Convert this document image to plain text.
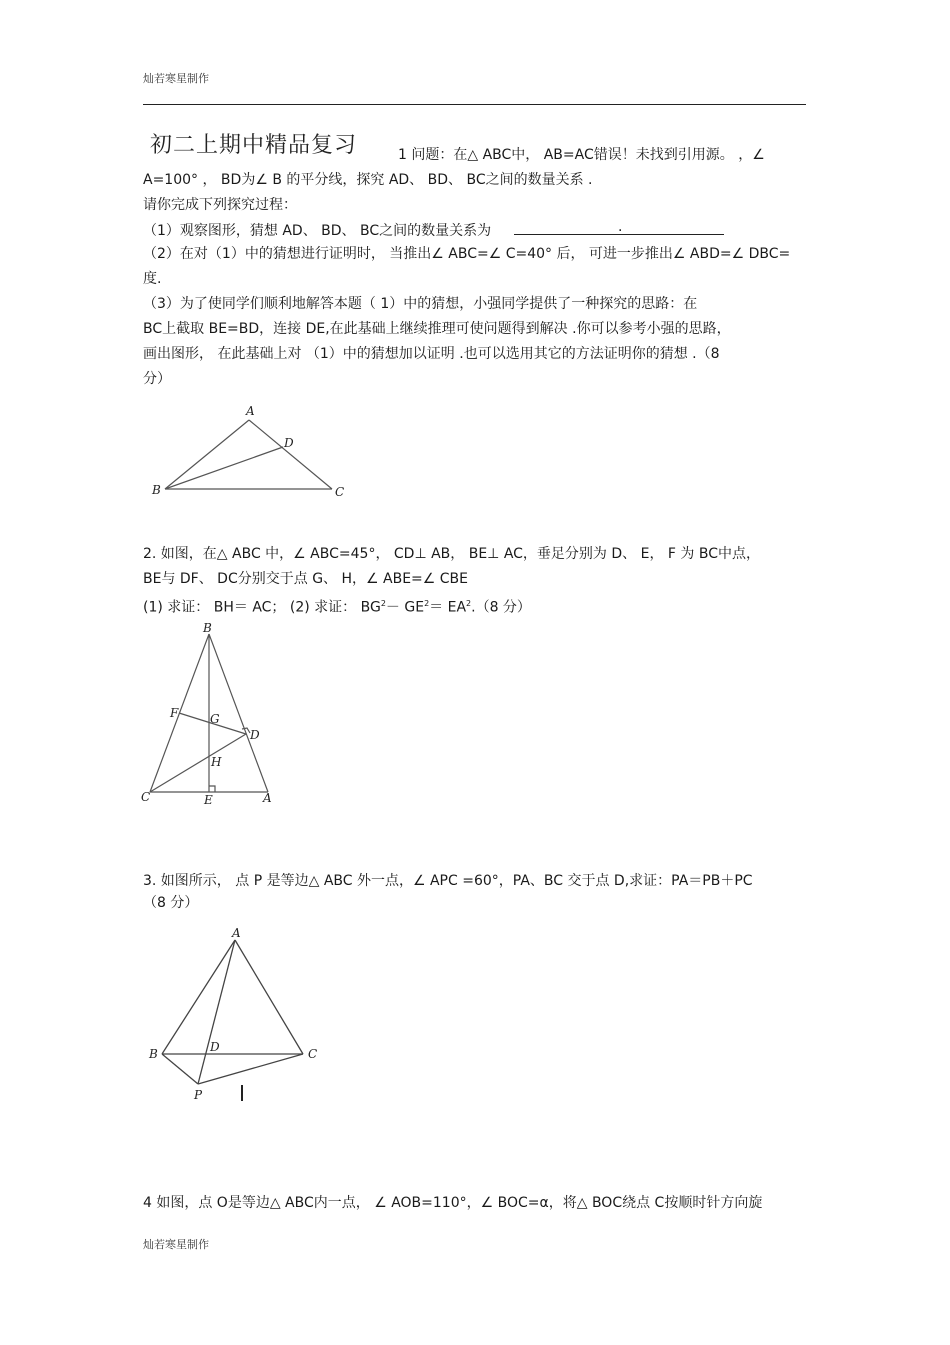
灿若寒星制作
初二上期中精品复习	1 问题：在△ ABC中， AB=AC错误！未找到引用源。 ，∠
A=100° ， BD为∠ B 的平分线，探究 AD、 BD、 BC之间的数量关系 .
请你完成下列探究过程：
（1）观察图形，猜想 AD、 BD、 BC之间的数量关系为	.
（2）在对（1）中的猜想进行证明时， 当推出∠ ABC=∠ C=40° 后， 可进一步推出∠ ABD=∠ DBC=
度.
（3）为了使同学们顺利地解答本题（ 1）中的猜想，小强同学提供了一种探究的思路：在
BC上截取 BE=BD，连接 DE,在此基础上继续推理可使问题得到解决 .你可以参考小强的思路，
画出图形， 在此基础上对 （1）中的猜想加以证明 .也可以选用其它的方法证明你的猜想 .（8
分）
A
D
B	C
2. 如图，在△ ABC 中，∠ ABC=45°， CD⊥ AB， BE⊥ AC，垂足分别为 D、 E， F 为 BC中点，
BE与 DF、 DC分别交于点 G、 H，∠ ABE=∠ CBE
(1) 求证： BH＝ AC； (2) 求证： $BG^2- GE^2= EA^2.(8$ 分）
B
F	G
D
H
C	E	A
3. 如图所示， 点 P 是等边△ ABC 外一点，∠ APC =60°，PA、BC 交于点 D,求证：PA＝PB＋PC
（8 分）
A
B	D	C
P
4 如图，点 O是等边△ ABC内一点， ∠ AOB=110°，∠ BOC=α，将△ BOC绕点 C按顺时针方向旋
灿若寒星制作
